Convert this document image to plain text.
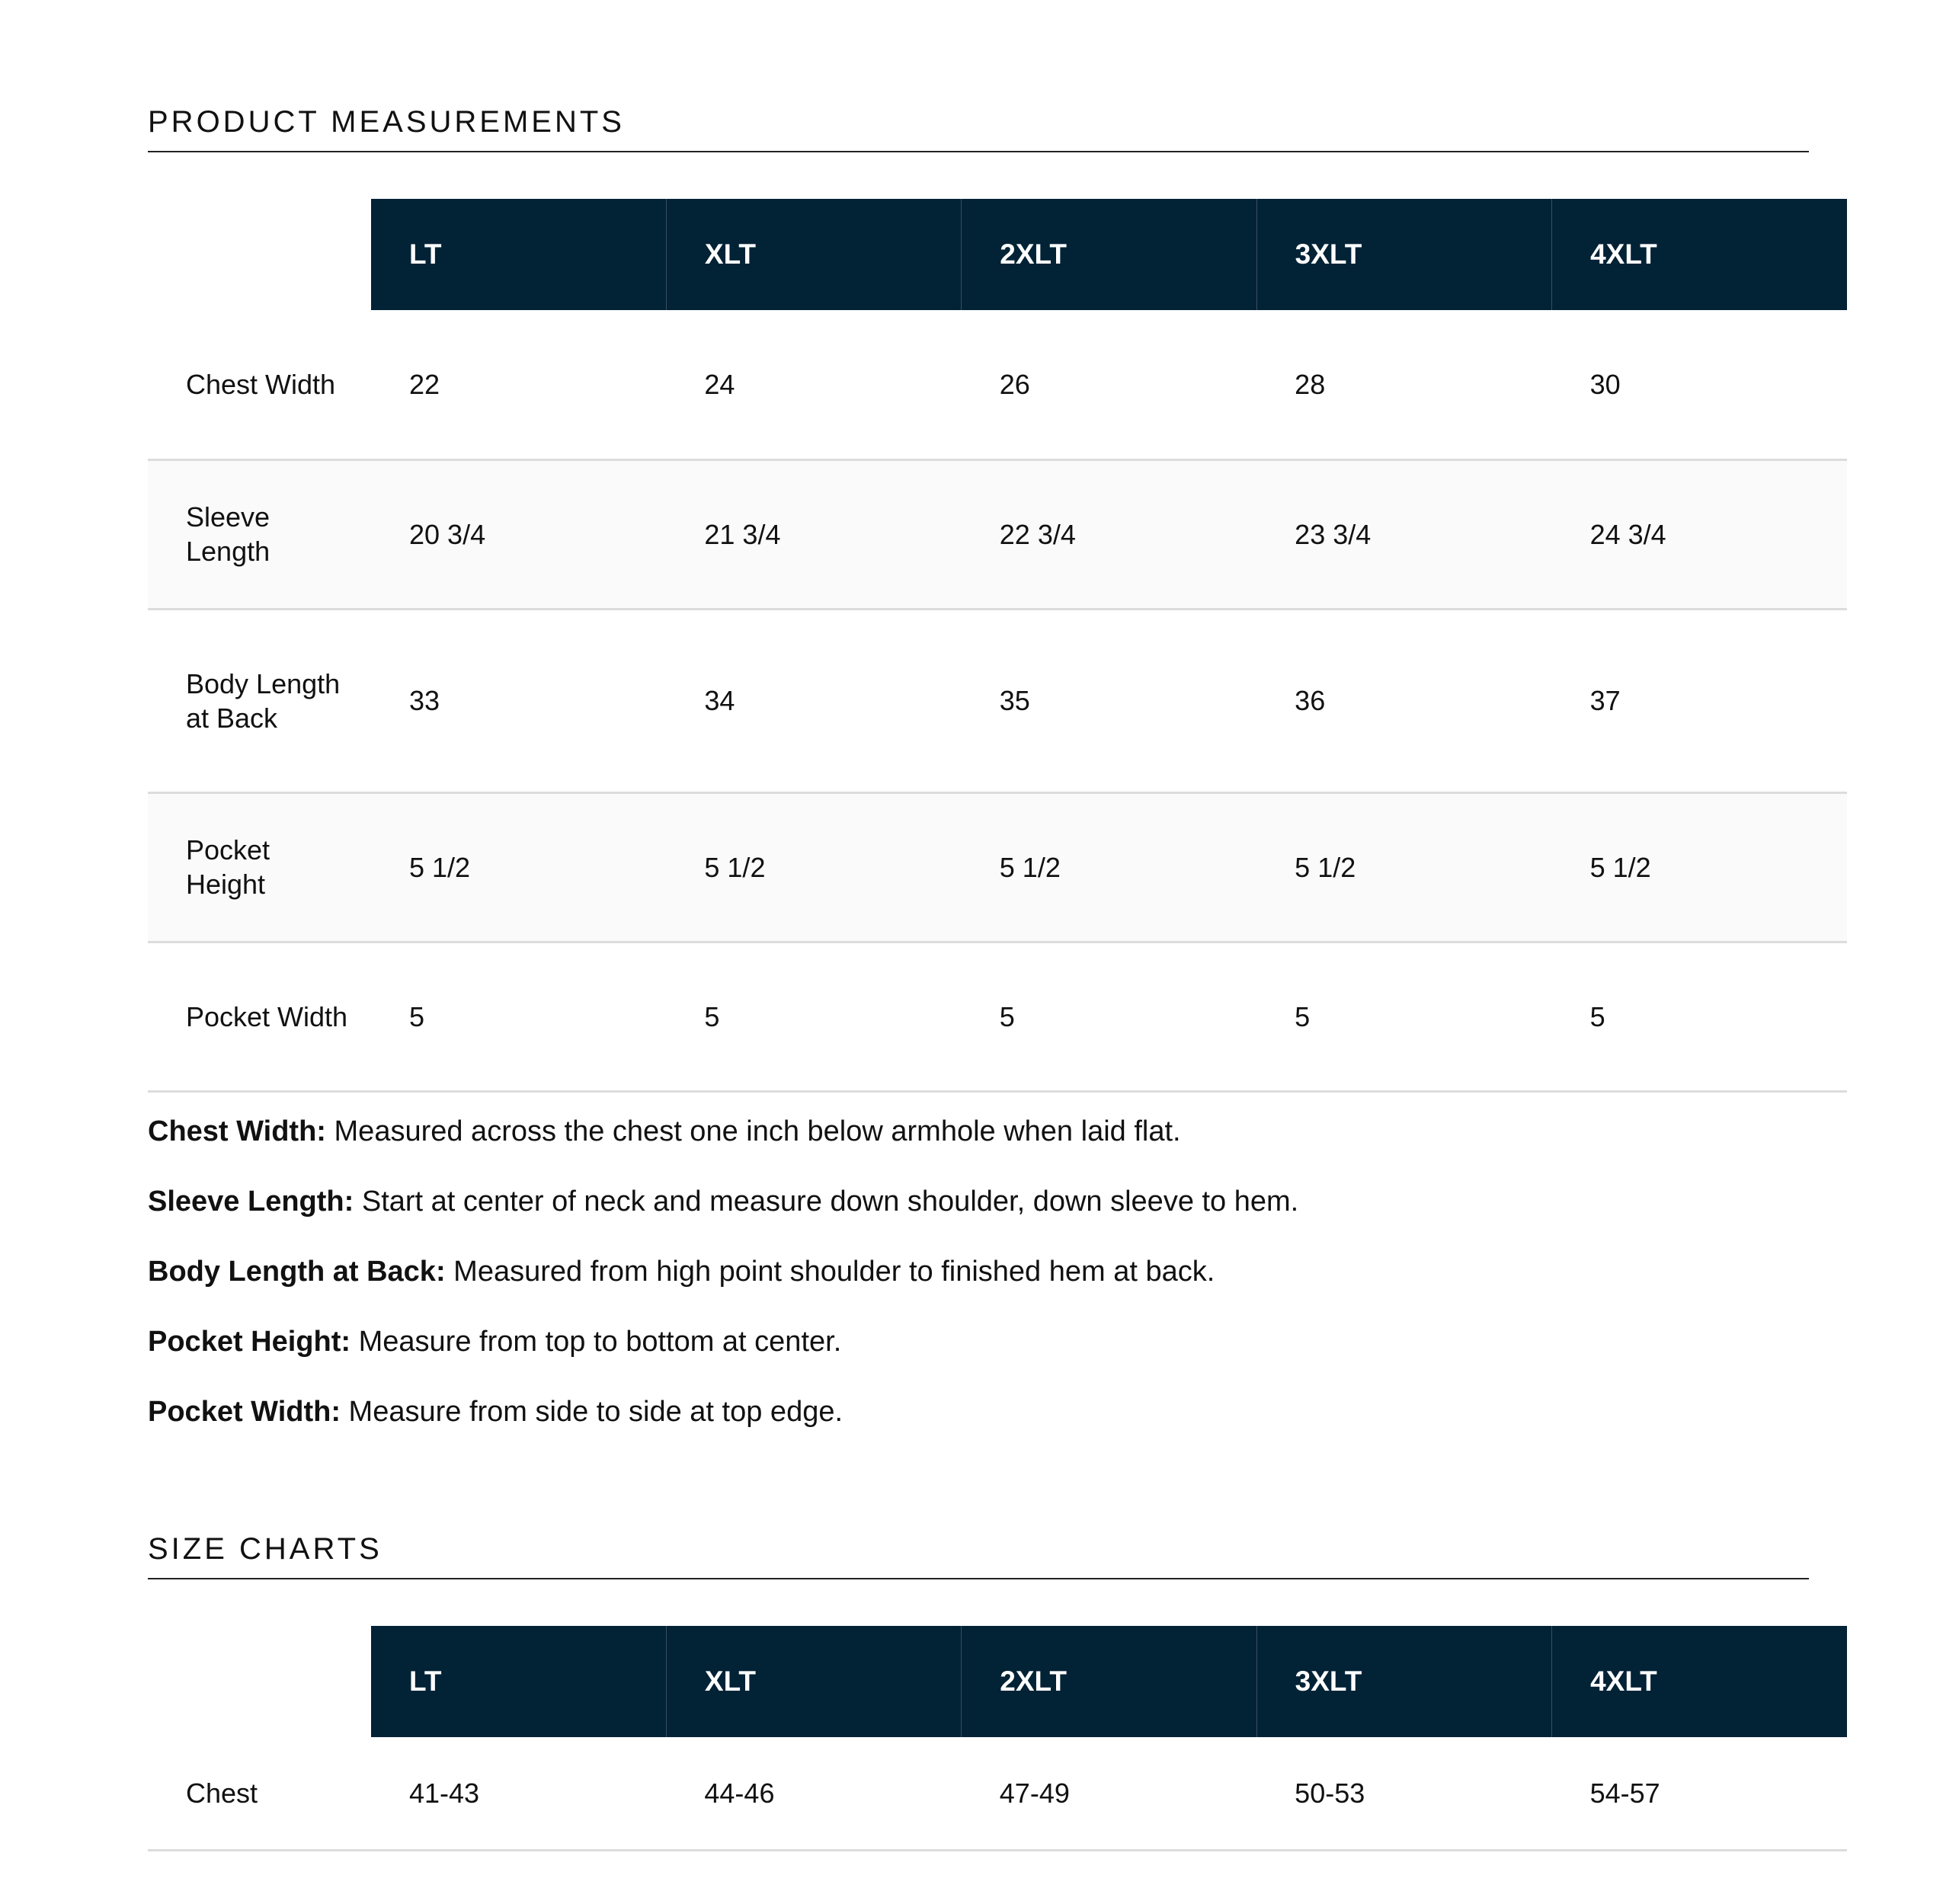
PRODUCT MEASUREMENTS
	LT	XLT	2XLT	3XLT	4XLT
Chest Width	22	24	26	28	30
Sleeve Length	20 3/4	21 3/4	22 3/4	23 3/4	24 3/4
Body Length at Back	33	34	35	36	37
Pocket Height	5 1/2	5 1/2	5 1/2	5 1/2	5 1/2
Pocket Width	5	5	5	5	5

Chest Width: Measured across the chest one inch below armhole when laid flat.

Sleeve Length: Start at center of neck and measure down shoulder, down sleeve to hem.

Body Length at Back: Measured from high point shoulder to finished hem at back.

Pocket Height: Measure from top to bottom at center.

Pocket Width: Measure from side to side at top edge.

SIZE CHARTS
	LT	XLT	2XLT	3XLT	4XLT
Chest	41-43	44-46	47-49	50-53	54-57
